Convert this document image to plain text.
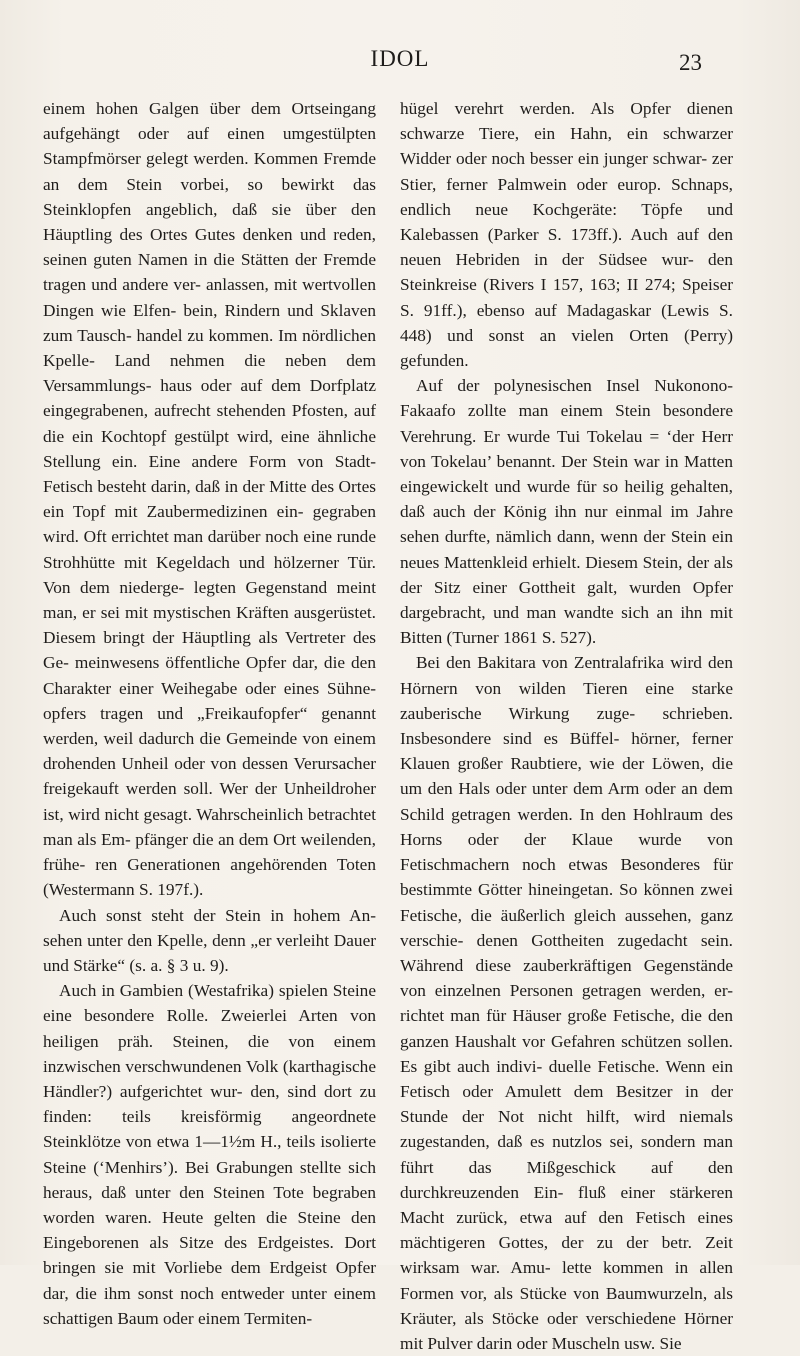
IDOL	23

einem hohen Galgen über dem Ortseingang aufgehängt oder auf einen umgestülpten Stampfmörser gelegt werden. Kommen Fremde an dem Stein vorbei, so bewirkt das Steinklopfen angeblich, daß sie über den Häuptling des Ortes Gutes denken und reden, seinen guten Namen in die Stätten der Fremde tragen und andere ver- anlassen, mit wertvollen Dingen wie Elfen- bein, Rindern und Sklaven zum Tausch- handel zu kommen. Im nördlichen Kpelle- Land nehmen die neben dem Versammlungs- haus oder auf dem Dorfplatz eingegrabenen, aufrecht stehenden Pfosten, auf die ein Kochtopf gestülpt wird, eine ähnliche Stellung ein. Eine andere Form von Stadt- Fetisch besteht darin, daß in der Mitte des Ortes ein Topf mit Zaubermedizinen ein- gegraben wird. Oft errichtet man darüber noch eine runde Strohhütte mit Kegeldach und hölzerner Tür. Von dem niederge- legten Gegenstand meint man, er sei mit mystischen Kräften ausgerüstet. Diesem bringt der Häuptling als Vertreter des Ge- meinwesens öffentliche Opfer dar, die den Charakter einer Weihegabe oder eines Sühne- opfers tragen und „Freikaufopfer“ genannt werden, weil dadurch die Gemeinde von einem drohenden Unheil oder von dessen Verursacher freigekauft werden soll. Wer der Unheildroher ist, wird nicht gesagt. Wahrscheinlich betrachtet man als Em- pfänger die an dem Ort weilenden, frühe- ren Generationen angehörenden Toten (Westermann S. 197f.).

Auch sonst steht der Stein in hohem An- sehen unter den Kpelle, denn „er verleiht Dauer und Stärke“ (s. a. § 3 u. 9).

Auch in Gambien (Westafrika) spielen Steine eine besondere Rolle. Zweierlei Arten von heiligen präh. Steinen, die von einem inzwischen verschwundenen Volk (karthagische Händler?) aufgerichtet wur- den, sind dort zu finden: teils kreisförmig angeordnete Steinklötze von etwa 1—1½m H., teils isolierte Steine (‘Menhirs’). Bei Grabungen stellte sich heraus, daß unter den Steinen Tote begraben worden waren. Heute gelten die Steine den Eingeborenen als Sitze des Erdgeistes. Dort bringen sie mit Vorliebe dem Erdgeist Opfer dar, die ihm sonst noch entweder unter einem schattigen Baum oder einem Termiten-

hügel verehrt werden. Als Opfer dienen schwarze Tiere, ein Hahn, ein schwarzer Widder oder noch besser ein junger schwar- zer Stier, ferner Palmwein oder europ. Schnaps, endlich neue Kochgeräte: Töpfe und Kalebassen (Parker S. 173ff.). Auch auf den neuen Hebriden in der Südsee wur- den Steinkreise (Rivers I 157, 163; II 274; Speiser S. 91ff.), ebenso auf Madagaskar (Lewis S. 448) und sonst an vielen Orten (Perry) gefunden.

Auf der polynesischen Insel Nukonono- Fakaafo zollte man einem Stein besondere Verehrung. Er wurde Tui Tokelau = ‘der Herr von Tokelau’ benannt. Der Stein war in Matten eingewickelt und wurde für so heilig gehalten, daß auch der König ihn nur einmal im Jahre sehen durfte, nämlich dann, wenn der Stein ein neues Mattenkleid erhielt. Diesem Stein, der als der Sitz einer Gottheit galt, wurden Opfer dargebracht, und man wandte sich an ihn mit Bitten (Turner 1861 S. 527).

Bei den Bakitara von Zentralafrika wird den Hörnern von wilden Tieren eine starke zauberische Wirkung zuge- schrieben. Insbesondere sind es Büffel- hörner, ferner Klauen großer Raubtiere, wie der Löwen, die um den Hals oder unter dem Arm oder an dem Schild getragen werden. In den Hohlraum des Horns oder der Klaue wurde von Fetischmachern noch etwas Besonderes für bestimmte Götter hineingetan. So können zwei Fetische, die äußerlich gleich aussehen, ganz verschie- denen Gottheiten zugedacht sein. Während diese zauberkräftigen Gegenstände von einzelnen Personen getragen werden, er- richtet man für Häuser große Fetische, die den ganzen Haushalt vor Gefahren schützen sollen. Es gibt auch indivi- duelle Fetische. Wenn ein Fetisch oder Amulett dem Besitzer in der Stunde der Not nicht hilft, wird niemals zugestanden, daß es nutzlos sei, sondern man führt das Mißgeschick auf den durchkreuzenden Ein- fluß einer stärkeren Macht zurück, etwa auf den Fetisch eines mächtigeren Gottes, der zu der betr. Zeit wirksam war. Amu- lette kommen in allen Formen vor, als Stücke von Baumwurzeln, als Kräuter, als Stöcke oder verschiedene Hörner mit Pulver darin oder Muscheln usw. Sie
